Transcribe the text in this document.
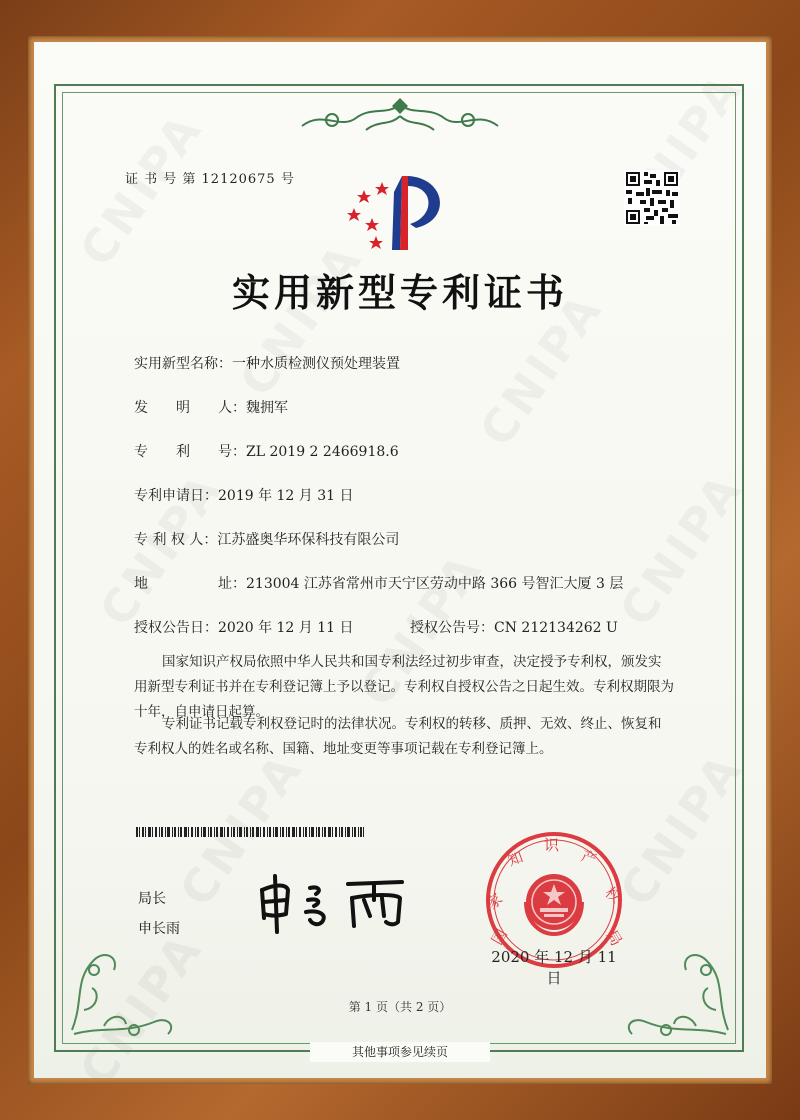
证 书 号 第 12120675 号
实用新型专利证书
实用新型名称：一种水质检测仪预处理装置
发　　明　　人：魏拥军
专　　利　　号：ZL 2019 2 2466918.6
专利申请日：2019 年 12 月 31 日
专 利 权 人：江苏盛奥华环保科技有限公司
地　　　　　址：213004 江苏省常州市天宁区劳动中路 366 号智汇大厦 3 层
授权公告日：2020 年 12 月 11 日	授权公告号：CN 212134262 U
国家知识产权局依照中华人民共和国专利法经过初步审查，决定授予专利权，颁发实用新型专利证书并在专利登记簿上予以登记。专利权自授权公告之日起生效。专利权期限为十年，自申请日起算。
专利证书记载专利权登记时的法律状况。专利权的转移、质押、无效、终止、恢复和专利权人的姓名或名称、国籍、地址变更等事项记载在专利登记簿上。
局长
申长雨	国
家
知
识
产
权
局
2020 年 12 月 11 日
第 1 页（共 2 页）
其他事项参见续页
